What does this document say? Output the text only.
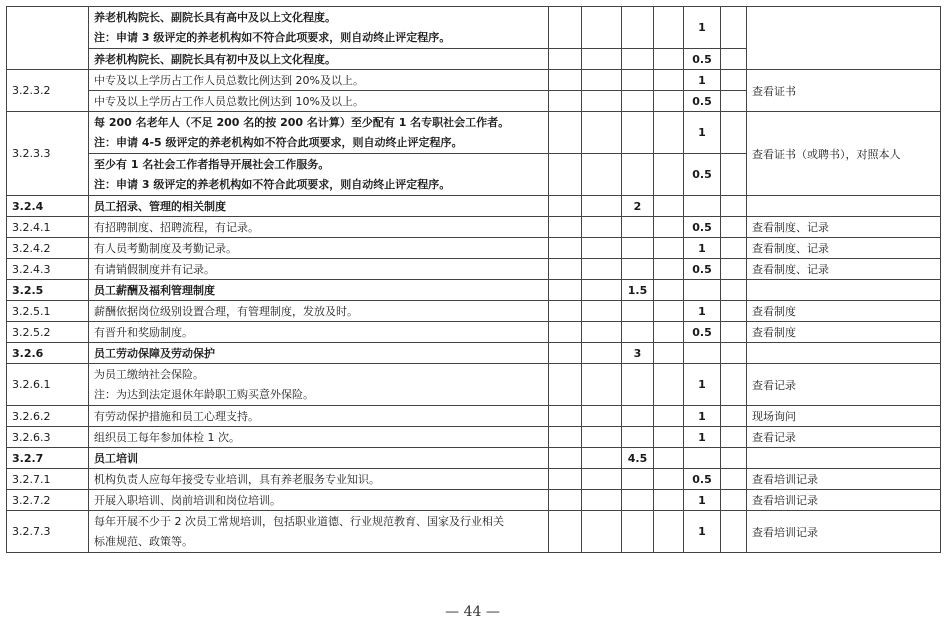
	养老机构院长、副院长具有高中及以上文化程度。
注：申请 3 级评定的养老机构如不符合此项要求，则自动终止评定程序。					1		
	养老机构院长、副院长具有初中及以上文化程度。					0.5		
3.2.3.2	中专及以上学历占工作人员总数比例达到 20%及以上。					1		查看证书
	中专及以上学历占工作人员总数比例达到 10%及以上。					0.5		
3.2.3.3	每 200 名老年人（不足 200 名的按 200 名计算）至少配有 1 名专职社会工作者。
注：申请 4-5 级评定的养老机构如不符合此项要求，则自动终止评定程序。					1		查看证书（或聘书），对照本人

	至少有 1 名社会工作者指导开展社会工作服务。
注：申请 3 级评定的养老机构如不符合此项要求，则自动终止评定程序。					0.5		
3.2.4	员工招录、管理的相关制度			2				
3.2.4.1	有招聘制度、招聘流程，有记录。					0.5		查看制度、记录
3.2.4.2	有人员考勤制度及考勤记录。					1		查看制度、记录
3.2.4.3	有请销假制度并有记录。					0.5		查看制度、记录
3.2.5	员工薪酬及福利管理制度			1.5				
3.2.5.1	薪酬依据岗位级别设置合理，有管理制度，发放及时。					1		查看制度
3.2.5.2	有晋升和奖励制度。					0.5		查看制度
3.2.6	员工劳动保障及劳动保护			3				
3.2.6.1	为员工缴纳社会保险。
注：为达到法定退休年龄职工购买意外保险。					1		查看记录
3.2.6.2	有劳动保护措施和员工心理支持。					1		现场询问
3.2.6.3	组织员工每年参加体检 1 次。					1		查看记录
3.2.7	员工培训			4.5				
3.2.7.1	机构负责人应每年接受专业培训，具有养老服务专业知识。					0.5		查看培训记录
3.2.7.2	开展入职培训、岗前培训和岗位培训。					1		查看培训记录
3.2.7.3	每年开展不少于 2 次员工常规培训，包括职业道德、行业规范教育、国家及行业相关
标准规范、政策等。					1		查看培训记录
— 44 —
